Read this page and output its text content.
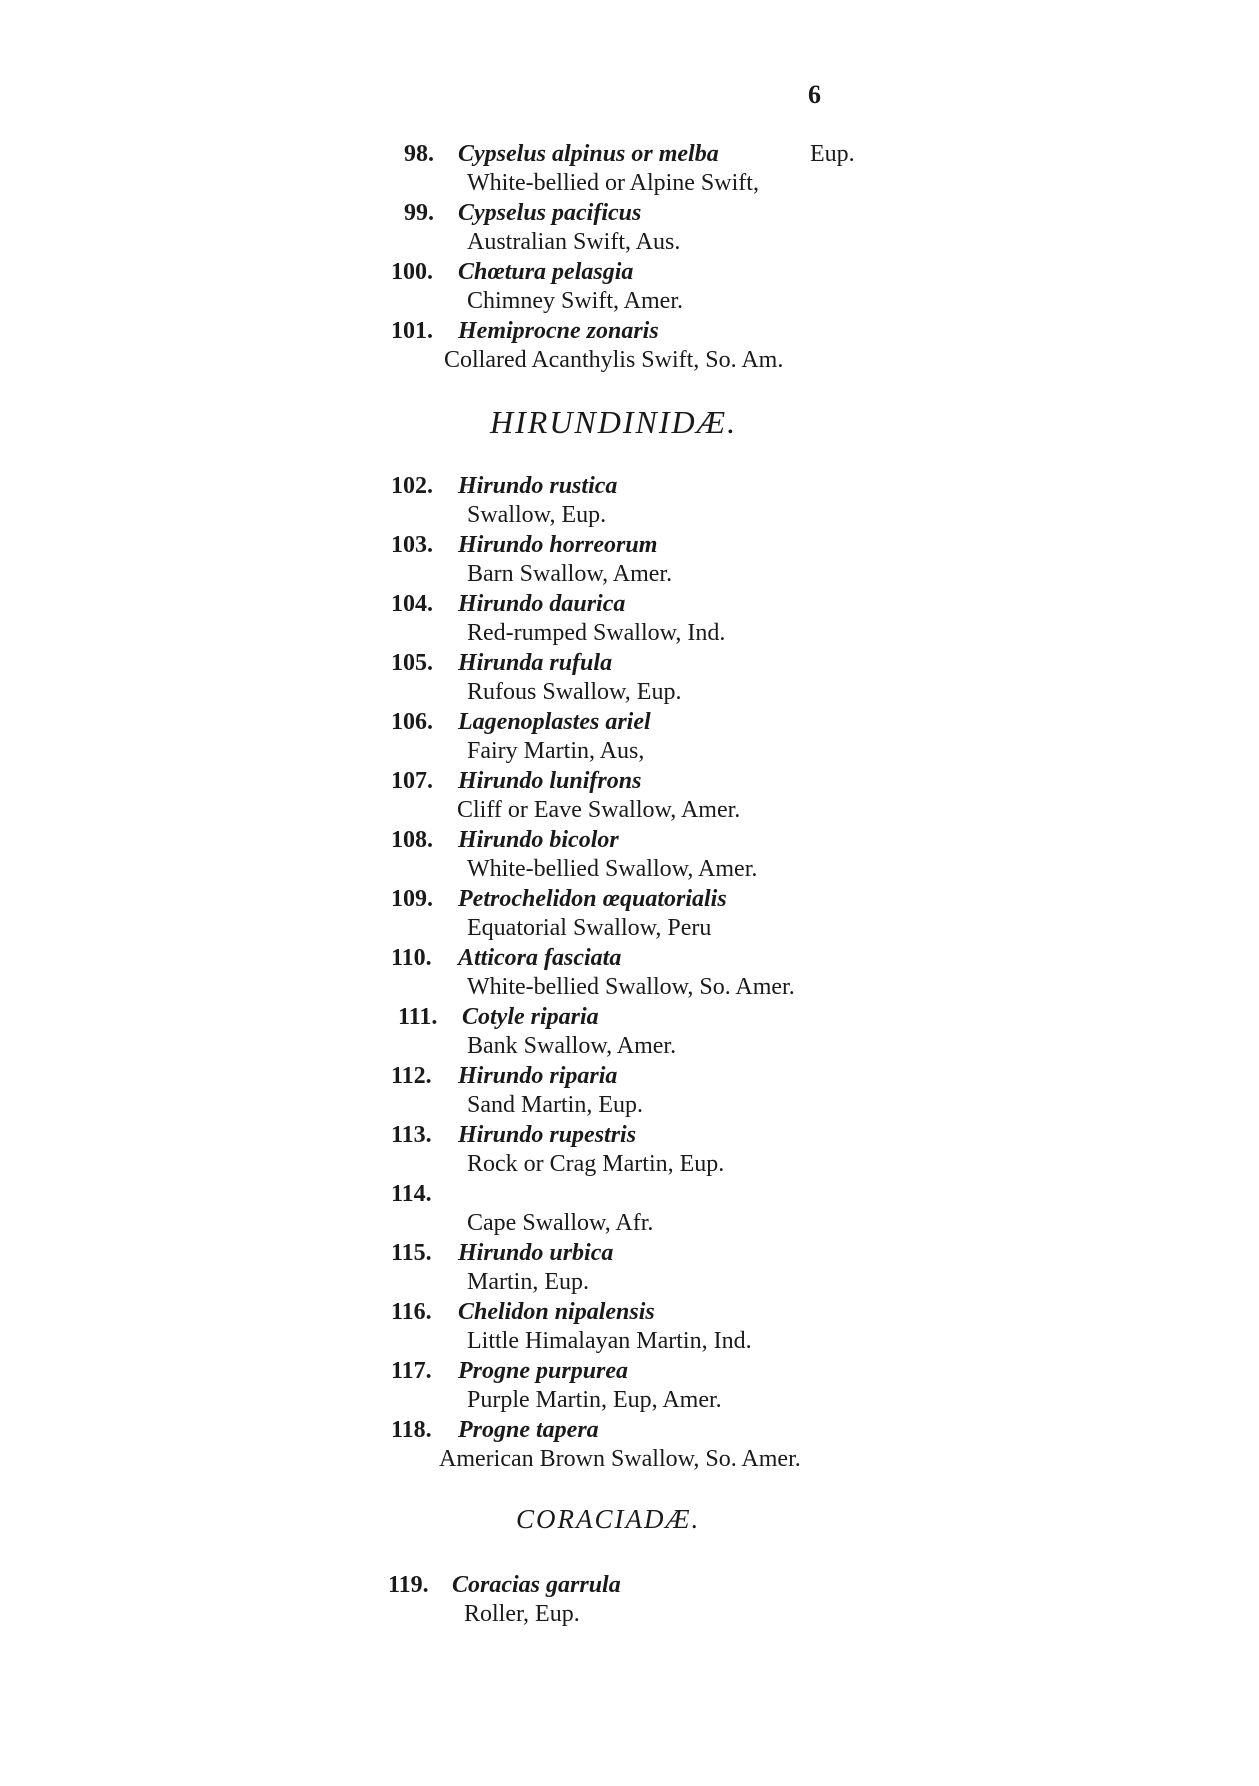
6
98. Cypselus alpinus or melba	Eup.
White-bellied or Alpine Swift,
99. Cypselus pacificus
Australian Swift, Aus.
100. Chœtura pelasgia
Chimney Swift, Amer.
101. Hemiprocne zonaris
Collared Acanthylis Swift, So. Am.
HIRUNDINIDÆ.
102. Hirundo rustica
Swallow, Eup.
103. Hirundo horreorum
Barn Swallow, Amer.
104. Hirundo daurica
Red-rumped Swallow, Ind.
105. Hirunda rufula
Rufous Swallow, Eup.
106. Lagenoplastes ariel
Fairy Martin, Aus,
107. Hirundo lunifrons
Cliff or Eave Swallow, Amer.
108. Hirundo bicolor
White-bellied Swallow, Amer.
109. Petrochelidon œquatorialis
Equatorial Swallow, Peru
110. Atticora fasciata
White-bellied Swallow, So. Amer.
111. Cotyle riparia
Bank Swallow, Amer.
112. Hirundo riparia
Sand Martin, Eup.
113. Hirundo rupestris
Rock or Crag Martin, Eup.
114.
Cape Swallow, Afr.
115. Hirundo urbica
Martin, Eup.
116. Chelidon nipalensis
Little Himalayan Martin, Ind.
117. Progne purpurea
Purple Martin, Eup, Amer.
118. Progne tapera
American Brown Swallow, So. Amer.
CORACIADÆ.
119. Coracias garrula
Roller, Eup.
